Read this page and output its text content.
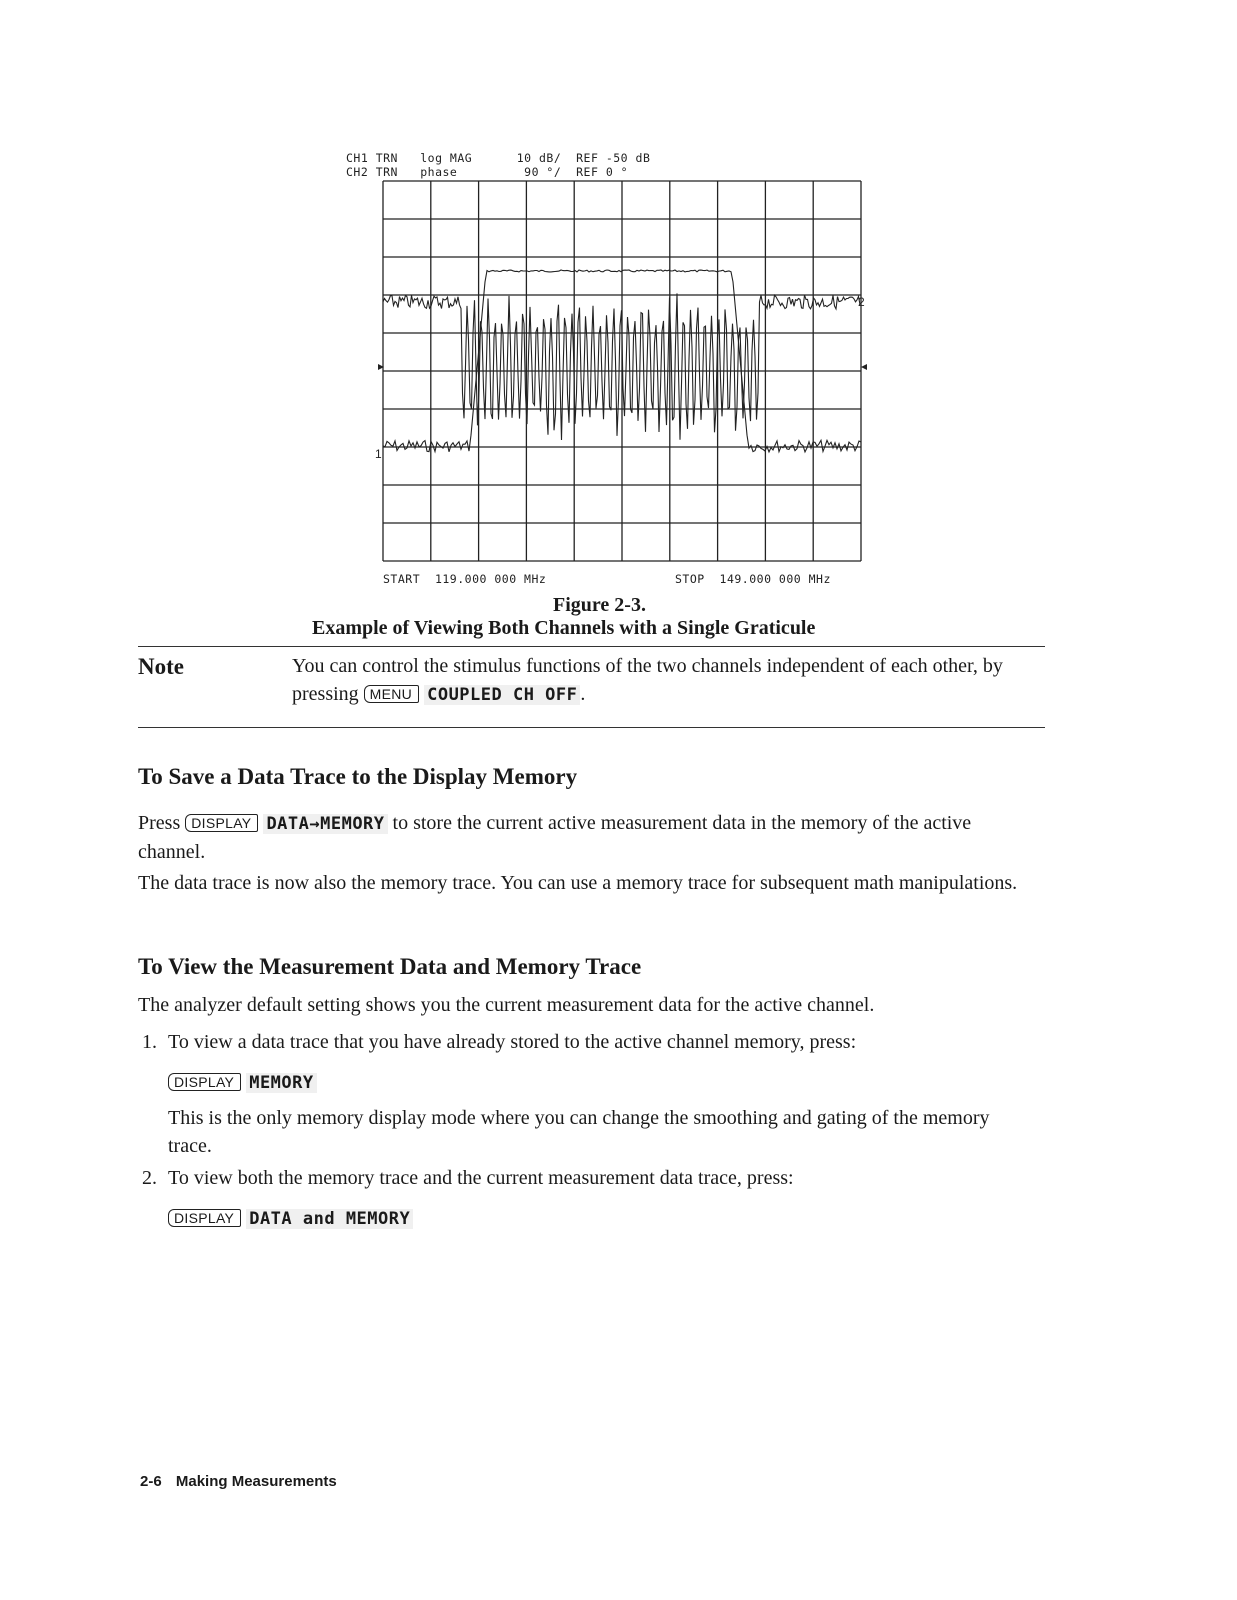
CH1 TRN   log MAG      10 dB/  REF -50 dB
CH2 TRN   phase         90 °/  REF 0 °
1
2
START  119.000 000 MHz	STOP  149.000 000 MHz
Figure 2-3.
Example of Viewing Both Channels with a Single Graticule
Note	You can control the stimulus functions of the two channels independent of each other, by pressing MENU COUPLED CH OFF .
To Save a Data Trace to the Display Memory
Press DISPLAY DATA→MEMORY to store the current active measurement data in the memory of the active channel.
The data trace is now also the memory trace. You can use a memory trace for subsequent math manipulations.
To View the Measurement Data and Memory Trace
The analyzer default setting shows you the current measurement data for the active channel.
1. To view a data trace that you have already stored to the active channel memory, press:
DISPLAY MEMORY
This is the only memory display mode where you can change the smoothing and gating of the memory trace.
2. To view both the memory trace and the current measurement data trace, press:
DISPLAY DATA and MEMORY
2-6 Making Measurements
